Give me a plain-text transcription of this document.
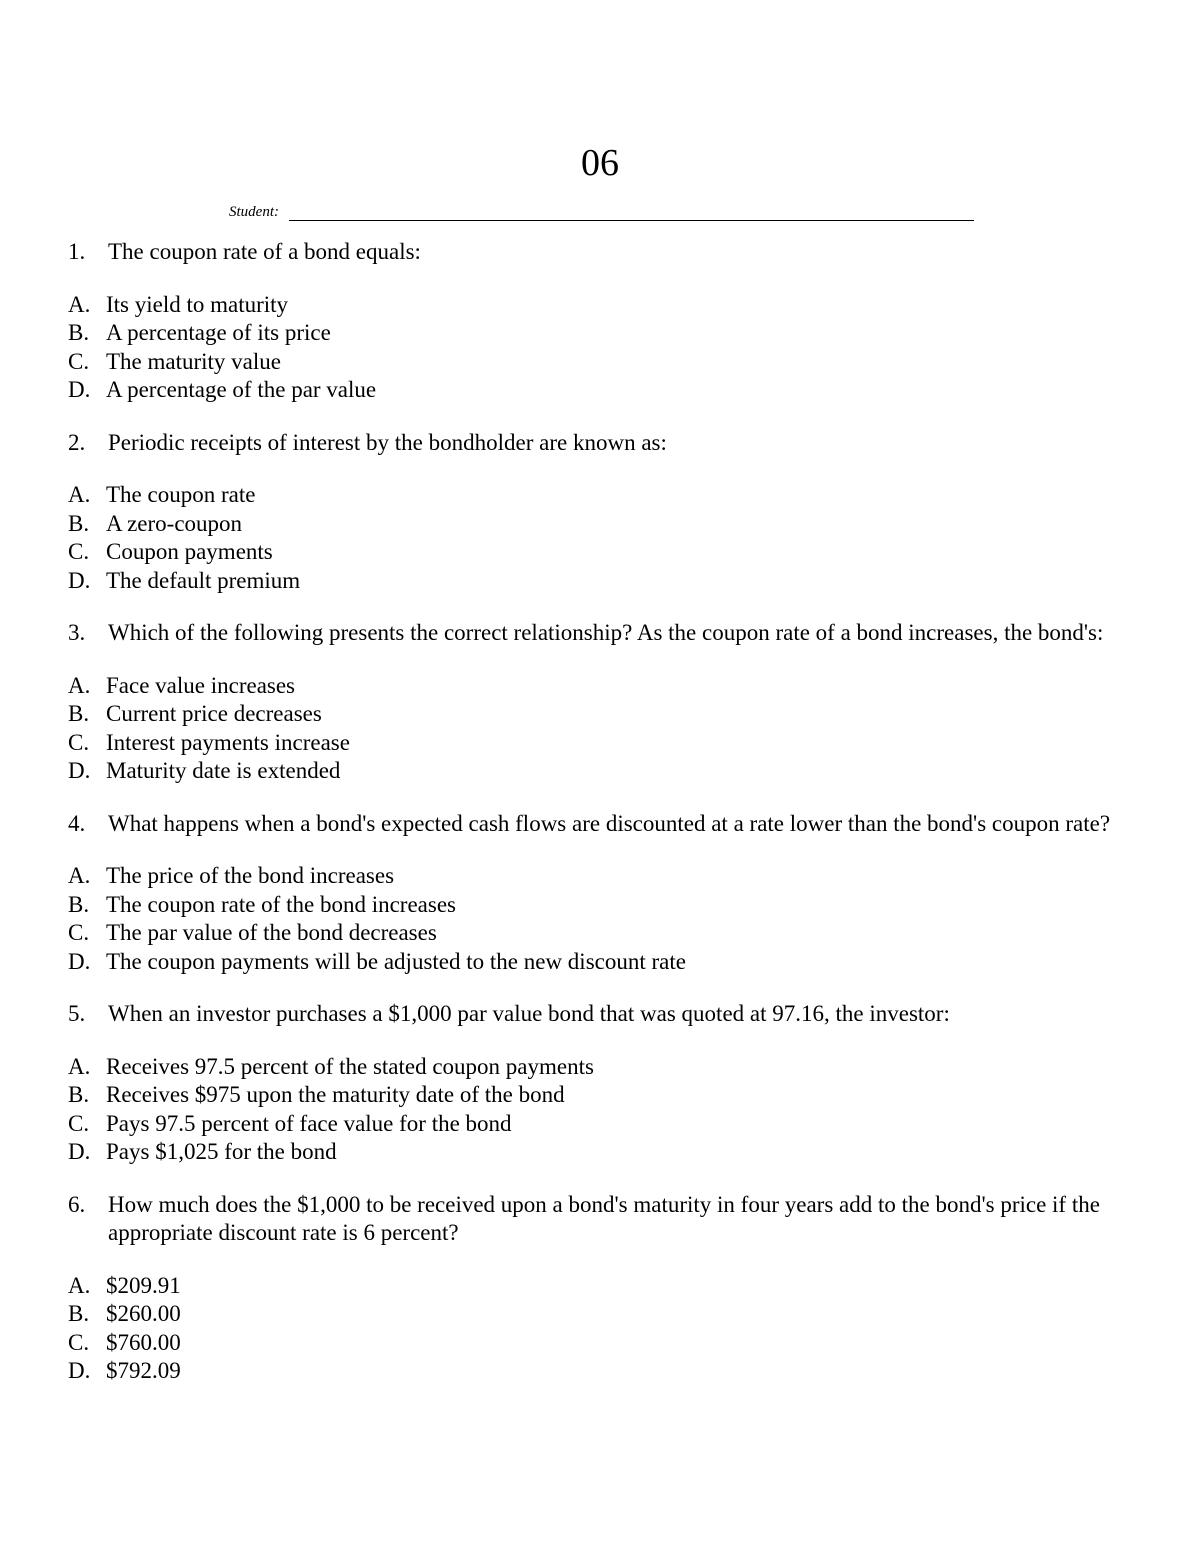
06
Student:
1. The coupon rate of a bond equals:
A. Its yield to maturity
B. A percentage of its price
C. The maturity value
D. A percentage of the par value
2. Periodic receipts of interest by the bondholder are known as:
A. The coupon rate
B. A zero-coupon
C. Coupon payments
D. The default premium
3. Which of the following presents the correct relationship? As the coupon rate of a bond increases, the bond's:
A. Face value increases
B. Current price decreases
C. Interest payments increase
D. Maturity date is extended
4. What happens when a bond's expected cash flows are discounted at a rate lower than the bond's coupon rate?
A. The price of the bond increases
B. The coupon rate of the bond increases
C. The par value of the bond decreases
D. The coupon payments will be adjusted to the new discount rate
5. When an investor purchases a $1,000 par value bond that was quoted at 97.16, the investor:
A. Receives 97.5 percent of the stated coupon payments
B. Receives $975 upon the maturity date of the bond
C. Pays 97.5 percent of face value for the bond
D. Pays $1,025 for the bond
6. How much does the $1,000 to be received upon a bond's maturity in four years add to the bond's price if the appropriate discount rate is 6 percent?
A. $209.91
B. $260.00
C. $760.00
D. $792.09
